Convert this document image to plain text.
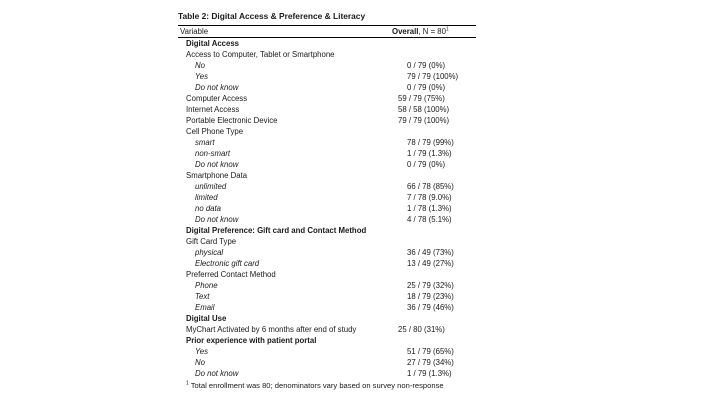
Table 2: Digital Access & Preference & Literacy
Variable	Overall, $N = 80^1$
Digital Access
Access to Computer, Tablet or Smartphone
No	0 / 79 (0%)
Yes	79 / 79 (100%)
Do not know	0 / 79 (0%)
Computer Access	59 / 79 (75%)
Internet Access	58 / 58 (100%)
Portable Electronic Device	79 / 79 (100%)
Cell Phone Type
smart	78 / 79 (99%)
non-smart	1 / 79 (1.3%)
Do not know	0 / 79 (0%)
Smartphone Data
unlimited	66 / 78 (85%)
limited	7 / 78 (9.0%)
no data	1 / 78 (1.3%)
Do not know	4 / 78 (5.1%)
Digital Preference: Gift card and Contact Method
Gift Card Type
physical	36 / 49 (73%)
Electronic gift card	13 / 49 (27%)
Preferred Contact Method
Phone	25 / 79 (32%)
Text	18 / 79 (23%)
Email	36 / 79 (46%)
Digital Use
MyChart Activated by 6 months after end of study	25 / 80 (31%)
Prior experience with patient portal
Yes	51 / 79 (65%)
No	27 / 79 (34%)
Do not know	1 / 79 (1.3%)
$^1$ Total enrollment was 80; denominators vary based on survey non-response
